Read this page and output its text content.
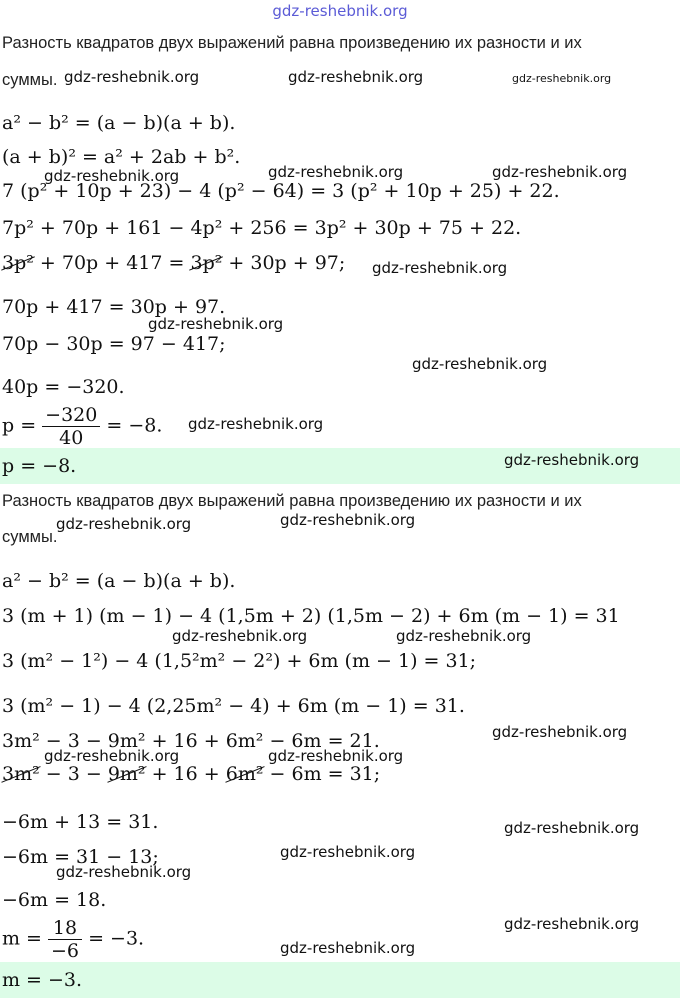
gdz-reshebnik.org
Разность квадратов двух выражений равна произведению их разности и их
суммы.
a² − b² = (a − b)(a + b).
(a + b)² = a² + 2ab + b².
7 (p² + 10p + 23) − 4 (p² − 64) = 3 (p² + 10p + 25) + 22.
7p² + 70p + 161 − 4p² + 256 = 3p² + 30p + 75 + 22.
3p² + 70p + 417 = 3p² + 30p + 97;
70p + 417 = 30p + 97.
70p − 30p = 97 − 417;
40p = −320.
$p = \frac{-320}{40} = -8$.
p = −8.
Разность квадратов двух выражений равна произведению их разности и их
суммы.
a² − b² = (a − b)(a + b).
3 (m + 1) (m − 1) − 4 (1,5m + 2) (1,5m − 2) + 6m (m − 1) = 31
3 (m² − 1²) − 4 (1,5²m² − 2²) + 6m (m − 1) = 31;
3 (m² − 1) − 4 (2,25m² − 4) + 6m (m − 1) = 31.
3m² − 3 − 9m² + 16 + 6m² − 6m = 21.
3m² − 3 − 9m² + 16 + 6m² − 6m = 31;
−6m + 13 = 31.
−6m = 31 − 13;
−6m = 18.
$m = \frac{18}{-6} = -3$.
m = −3.
gdz-reshebnik.org	gdz-reshebnik.org	gdz-reshebnik.org
gdz-reshebnik.org	gdz-reshebnik.org	gdz-reshebnik.org
gdz-reshebnik.org
gdz-reshebnik.org
gdz-reshebnik.org
gdz-reshebnik.org
gdz-reshebnik.org
gdz-reshebnik.org	gdz-reshebnik.org
gdz-reshebnik.org	gdz-reshebnik.org
gdz-reshebnik.org
gdz-reshebnik.org	gdz-reshebnik.org
gdz-reshebnik.org
gdz-reshebnik.org
gdz-reshebnik.org
gdz-reshebnik.org
gdz-reshebnik.org
